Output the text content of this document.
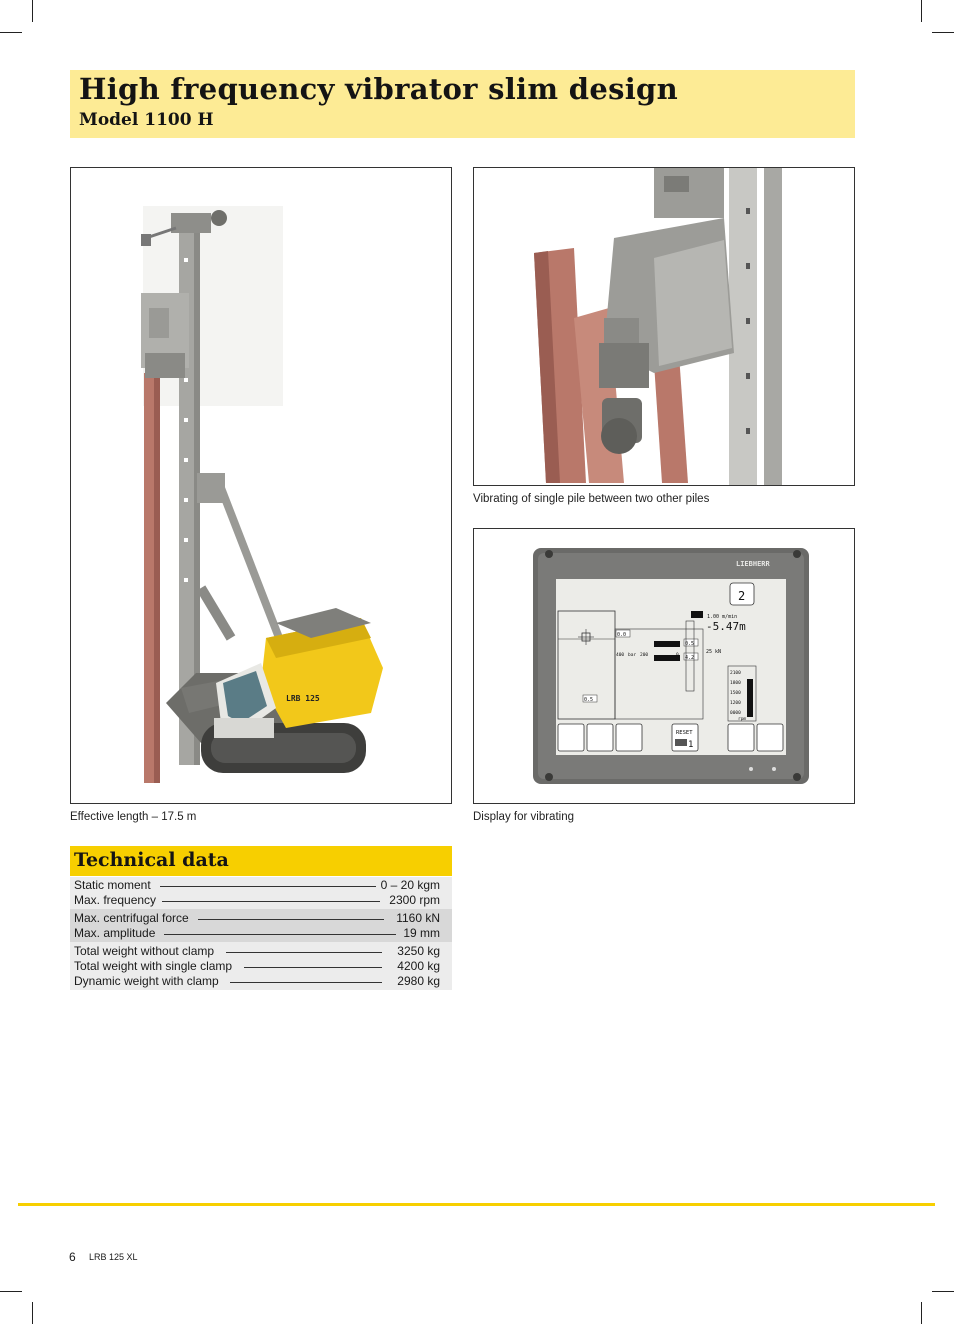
High frequency vibrator slim design
Model 1100 H
LRB 125
Effective length – 17.5 m
Vibrating of single pile between two other piles
LIEBHERR
0.0
0.5
4.2
0.5
400 bar 200	0
1.00 m/min
-5.47m
25 kN
2100
1800
1500
1200
0000
rpm
2
RESET
1
Display for vibrating
Technical data
Static moment	0 – 20 kgm
Max. frequency	2300 rpm
Max. centrifugal force	1160 kN
Max. amplitude	19 mm
Total weight without clamp	3250 kg
Total weight with single clamp	4200 kg
Dynamic weight with clamp	2980 kg
6 LRB 125 XL
